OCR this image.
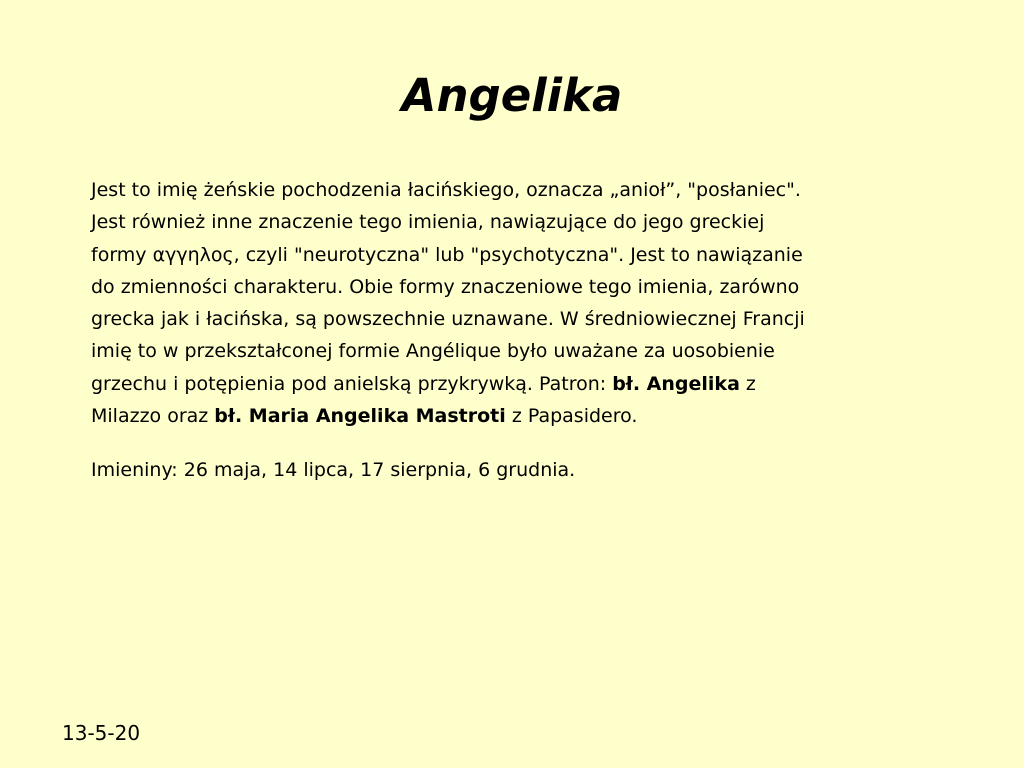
Angelika
Jest to imię żeńskie pochodzenia łacińskiego, oznacza „anioł”, "posłaniec".
Jest również inne znaczenie tego imienia, nawiązujące do jego greckiej
formy αγγηλος, czyli "neurotyczna" lub "psychotyczna". Jest to nawiązanie
do zmienności charakteru. Obie formy znaczeniowe tego imienia, zarówno
grecka jak i łacińska, są powszechnie uznawane. W średniowiecznej Francji
imię to w przekształconej formie Angélique było uważane za uosobienie
grzechu i potępienia pod anielską przykrywką. Patron: bł. Angelika z
Milazzo oraz bł. Maria Angelika Mastroti z Papasidero.
Imieniny: 26 maja, 14 lipca, 17 sierpnia, 6 grudnia.
13-5-20
